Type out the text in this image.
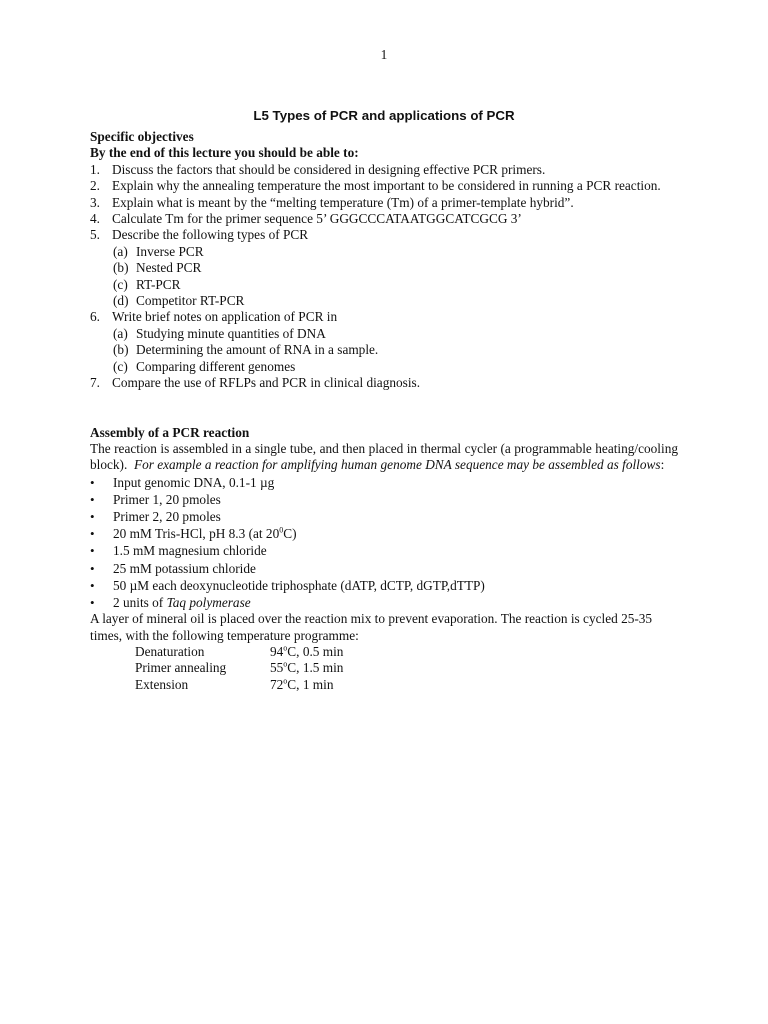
1
L5 Types of PCR and applications of PCR
Specific objectives
By the end of this lecture you should be able to:
1. Discuss the factors that should be considered in designing effective PCR primers.
2. Explain why the annealing temperature the most important to be considered in running a PCR reaction.
3. Explain what is meant by the “melting temperature (Tm) of a primer-template hybrid”.
4. Calculate Tm for the primer sequence 5’ GGGCCCATAATGGCATCGCG 3’
5. Describe the following types of PCR
(a) Inverse PCR
(b) Nested PCR
(c) RT-PCR
(d) Competitor RT-PCR
6. Write brief notes on application of PCR in
(a) Studying minute quantities of DNA
(b) Determining the amount of RNA in a sample.
(c) Comparing different genomes
7. Compare the use of RFLPs and PCR in clinical diagnosis.
Assembly of a PCR reaction
The reaction is assembled in a single tube, and then placed in thermal cycler (a programmable heating/cooling block). For example a reaction for amplifying human genome DNA sequence may be assembled as follows:
•	Input genomic DNA, 0.1-1 µg
•	Primer 1, 20 pmoles
•	Primer 2, 20 pmoles
•	20 mM Tris-HCl, pH 8.3 (at $20^0C$)
•	1.5 mM magnesium chloride
•	25 mM potassium chloride
•	50 µM each deoxynucleotide triphosphate (dATP, dCTP, dGTP,dTTP)
•	2 units of Taq polymerase
A layer of mineral oil is placed over the reaction mix to prevent evaporation. The reaction is cycled 25-35 times, with the following temperature programme:
Denaturation	94$^o$C, 0.5 min
Primer annealing	55$^o$C, 1.5 min
Extension	72$^o$C, 1 min
